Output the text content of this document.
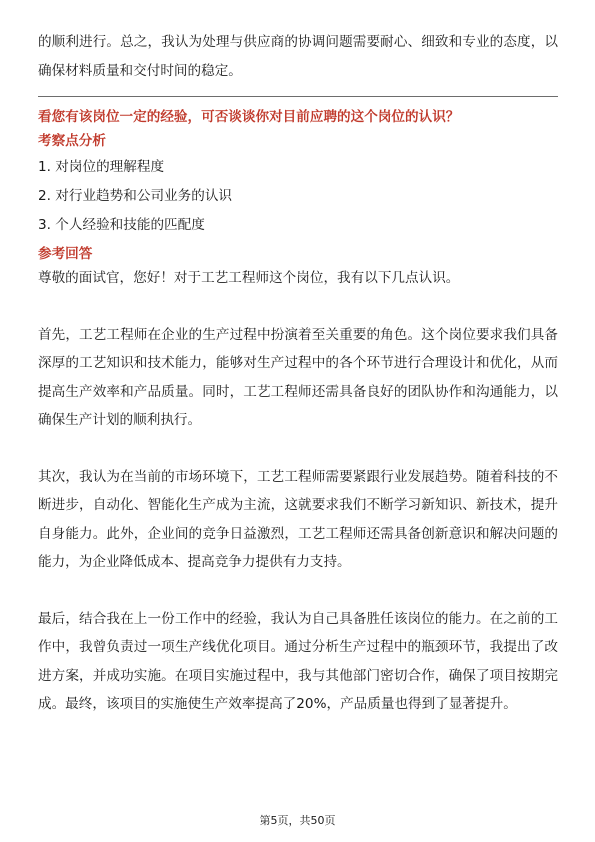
的顺利进行。总之，我认为处理与供应商的协调问题需要耐心、细致和专业的态度，以确保材料质量和交付时间的稳定。

看您有该岗位一定的经验，可否谈谈你对目前应聘的这个岗位的认识？

考察点分析

1. 对岗位的理解程度
2. 对行业趋势和公司业务的认识
3. 个人经验和技能的匹配度

参考回答

尊敬的面试官，您好！对于工艺工程师这个岗位，我有以下几点认识。

首先，工艺工程师在企业的生产过程中扮演着至关重要的角色。这个岗位要求我们具备深厚的工艺知识和技术能力，能够对生产过程中的各个环节进行合理设计和优化，从而提高生产效率和产品质量。同时，工艺工程师还需具备良好的团队协作和沟通能力，以确保生产计划的顺利执行。

其次，我认为在当前的市场环境下，工艺工程师需要紧跟行业发展趋势。随着科技的不断进步，自动化、智能化生产成为主流，这就要求我们不断学习新知识、新技术，提升自身能力。此外，企业间的竞争日益激烈，工艺工程师还需具备创新意识和解决问题的能力，为企业降低成本、提高竞争力提供有力支持。

最后，结合我在上一份工作中的经验，我认为自己具备胜任该岗位的能力。在之前的工作中，我曾负责过一项生产线优化项目。通过分析生产过程中的瓶颈环节，我提出了改进方案，并成功实施。在项目实施过程中，我与其他部门密切合作，确保了项目按期完成。最终，该项目的实施使生产效率提高了20%，产品质量也得到了显著提升。

第5页，共50页
